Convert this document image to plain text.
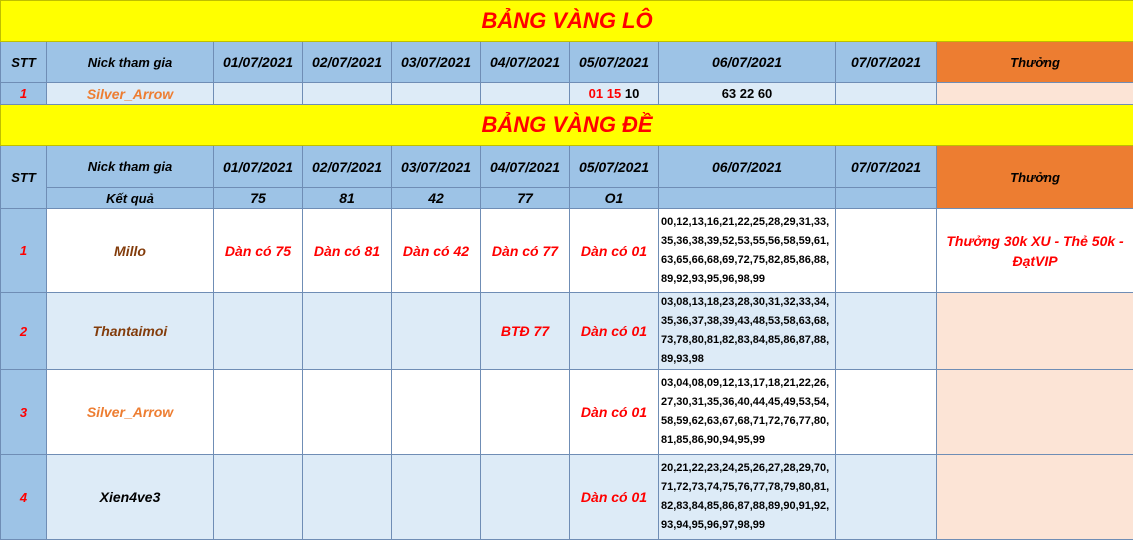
BẢNG VÀNG LÔ									
STT	Nick tham gia	01/07/2021	02/07/2021	03/07/2021	04/07/2021	05/07/2021	06/07/2021	07/07/2021	Thưởng
1	Silver_Arrow					01 15 10	63 22 60		
BẢNG VÀNG ĐỀ									
STT	Nick tham gia	01/07/2021	02/07/2021	03/07/2021	04/07/2021	05/07/2021	06/07/2021	07/07/2021	Thưởng
	Kết quả	75	81	42	77	O1			
1	Millo	Dàn có 75	Dàn có 81	Dàn có 42	Dàn có 77	Dàn có 01	00,12,13,16,21,22,25,28,29,31,33,35,36,38,39,52,53,55,56,58,59,61,63,65,66,68,69,72,75,82,85,86,88,89,92,93,95,96,98,99		Thưởng 30k XU - Thẻ 50k - ĐạtVIP
2	Thantaimoi				BTĐ 77	Dàn có 01	03,08,13,18,23,28,30,31,32,33,34,35,36,37,38,39,43,48,53,58,63,68,73,78,80,81,82,83,84,85,86,87,88,89,93,98		
3	Silver_Arrow					Dàn có 01	03,04,08,09,12,13,17,18,21,22,26,27,30,31,35,36,40,44,45,49,53,54,58,59,62,63,67,68,71,72,76,77,80,81,85,86,90,94,95,99		
4	Xien4ve3					Dàn có 01	20,21,22,23,24,25,26,27,28,29,70,71,72,73,74,75,76,77,78,79,80,81,82,83,84,85,86,87,88,89,90,91,92,93,94,95,96,97,98,99		
